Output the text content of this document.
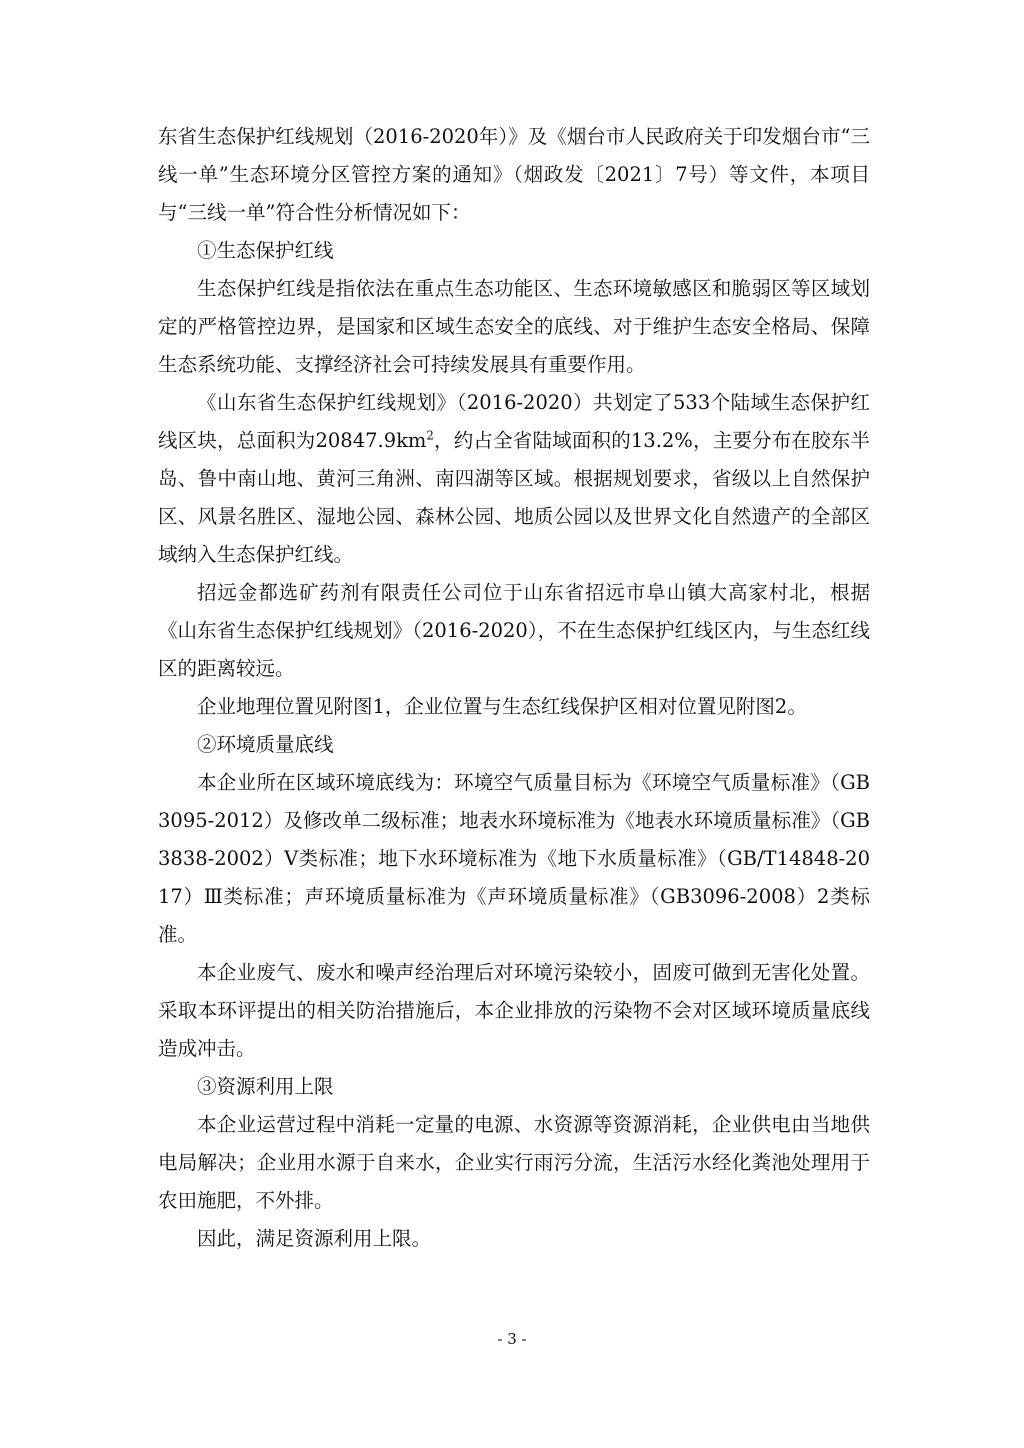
东省生态保护红线规划（2016-2020年）》及《烟台市人民政府关于印发烟台市“三线一单”生态环境分区管控方案的通知》（烟政发〔2021〕7号）等文件，本项目与“三线一单”符合性分析情况如下：

①生态保护红线

生态保护红线是指依法在重点生态功能区、生态环境敏感区和脆弱区等区域划定的严格管控边界，是国家和区域生态安全的底线、对于维护生态安全格局、保障生态系统功能、支撑经济社会可持续发展具有重要作用。

《山东省生态保护红线规划》（2016-2020）共划定了533个陆域生态保护红线区块，总面积为$20847.9km^2$，约占全省陆域面积的13.2%，主要分布在胶东半岛、鲁中南山地、黄河三角洲、南四湖等区域。根据规划要求，省级以上自然保护区、风景名胜区、湿地公园、森林公园、地质公园以及世界文化自然遗产的全部区域纳入生态保护红线。

招远金都选矿药剂有限责任公司位于山东省招远市阜山镇大高家村北，根据《山东省生态保护红线规划》（2016-2020），不在生态保护红线区内，与生态红线区的距离较远。

企业地理位置见附图1，企业位置与生态红线保护区相对位置见附图2。

②环境质量底线

本企业所在区域环境底线为：环境空气质量目标为《环境空气质量标准》（GB3095-2012）及修改单二级标准；地表水环境标准为《地表水环境质量标准》（GB3838-2002）Ⅴ类标准；地下水环境标准为《地下水质量标准》（GB/T14848-2017）Ⅲ类标准；声环境质量标准为《声环境质量标准》（GB3096-2008）2类标准。

本企业废气、废水和噪声经治理后对环境污染较小，固废可做到无害化处置。采取本环评提出的相关防治措施后，本企业排放的污染物不会对区域环境质量底线造成冲击。

③资源利用上限

本企业运营过程中消耗一定量的电源、水资源等资源消耗，企业供电由当地供电局解决；企业用水源于自来水，企业实行雨污分流，生活污水经化粪池处理用于农田施肥，不外排。

因此，满足资源利用上限。

- 3 -
